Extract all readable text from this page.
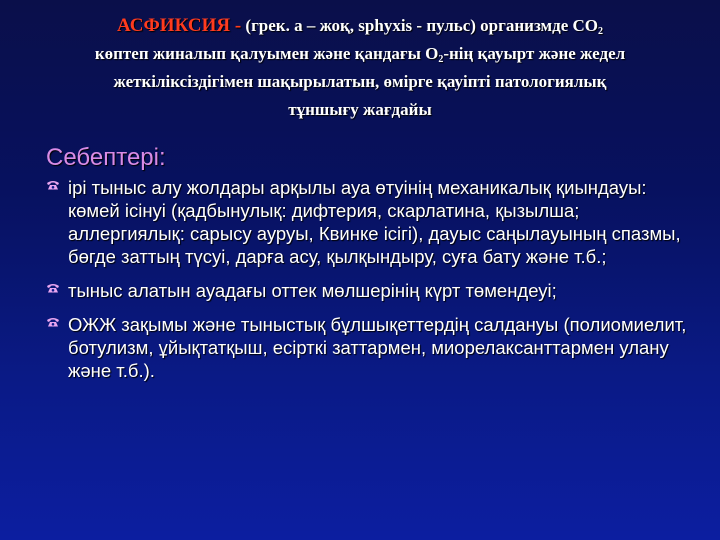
АСФИКСИЯ - (грек. а – жоқ, sphyxis - пульс) организмде $СО_2$
көптеп жиналып қалуымен және қандағы $О_2$-нің қауырт және жедел
жеткіліксіздігімен шақырылатын, өмірге қауіпті патологиялық
тұншығу жағдайы
Себептері:
ірі тыныс алу жолдары арқылы ауа өтуінің механикалық қиындауы: көмей ісінуі (қадбынулық: дифтерия, скарлатина, қызылша; аллергиялық: сарысу ауруы, Квинке ісігі), дауыс саңылауының спазмы, бөгде заттың түсуі, дарға асу, қылқындыру, суға бату және т.б.;
тыныс алатын ауадағы оттек мөлшерінің күрт төмендеуі;
ОЖЖ зақымы және тыныстық бұлшықеттердің салдануы (полиомиелит, ботулизм, ұйықтатқыш, есірткі заттармен, миорелаксанттармен улану және т.б.).
